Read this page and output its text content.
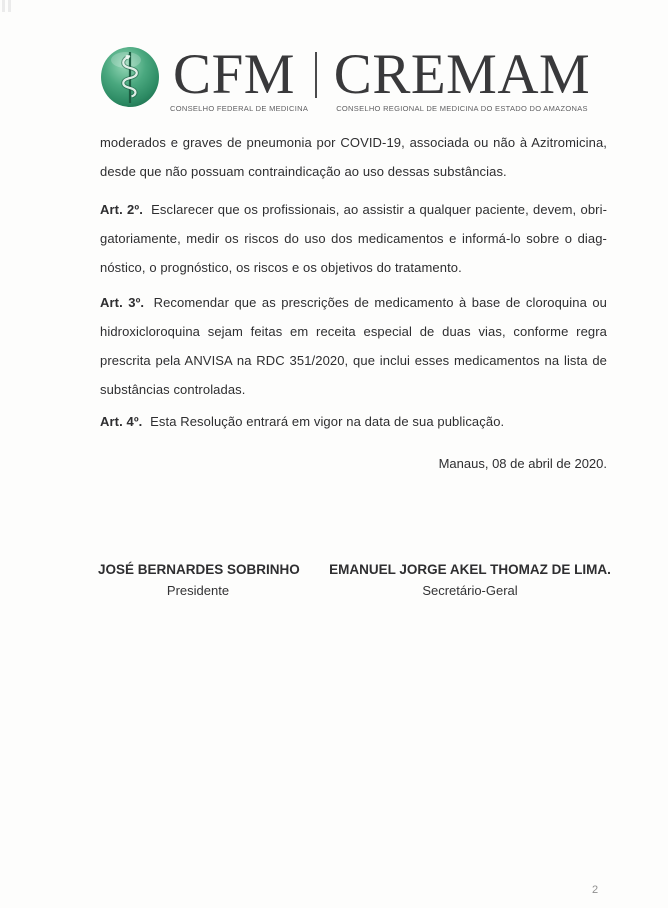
CFM
CONSELHO FEDERAL DE MEDICINA
CREMAM
CONSELHO REGIONAL DE MEDICINA DO ESTADO DO AMAZONAS
moderados e graves de pneumonia por COVID-19, associada ou não à Azitromicina,
desde que não possuam contraindicação ao uso dessas substâncias.
Art. 2º. Esclarecer que os profissionais, ao assistir a qualquer paciente, devem, obri-
gatoriamente, medir os riscos do uso dos medicamentos e informá-lo sobre o diag-
nóstico, o prognóstico, os riscos e os objetivos do tratamento.
Art. 3º. Recomendar que as prescrições de medicamento à base de cloroquina ou
hidroxicloroquina sejam feitas em receita especial de duas vias, conforme regra
prescrita pela ANVISA na RDC 351/2020, que inclui esses medicamentos na lista de
substâncias controladas.
Art. 4º. Esta Resolução entrará em vigor na data de sua publicação.
Manaus, 08 de abril de 2020.
JOSÉ BERNARDES SOBRINHO
Presidente
EMANUEL JORGE AKEL THOMAZ DE LIMA.
Secretário-Geral
2
